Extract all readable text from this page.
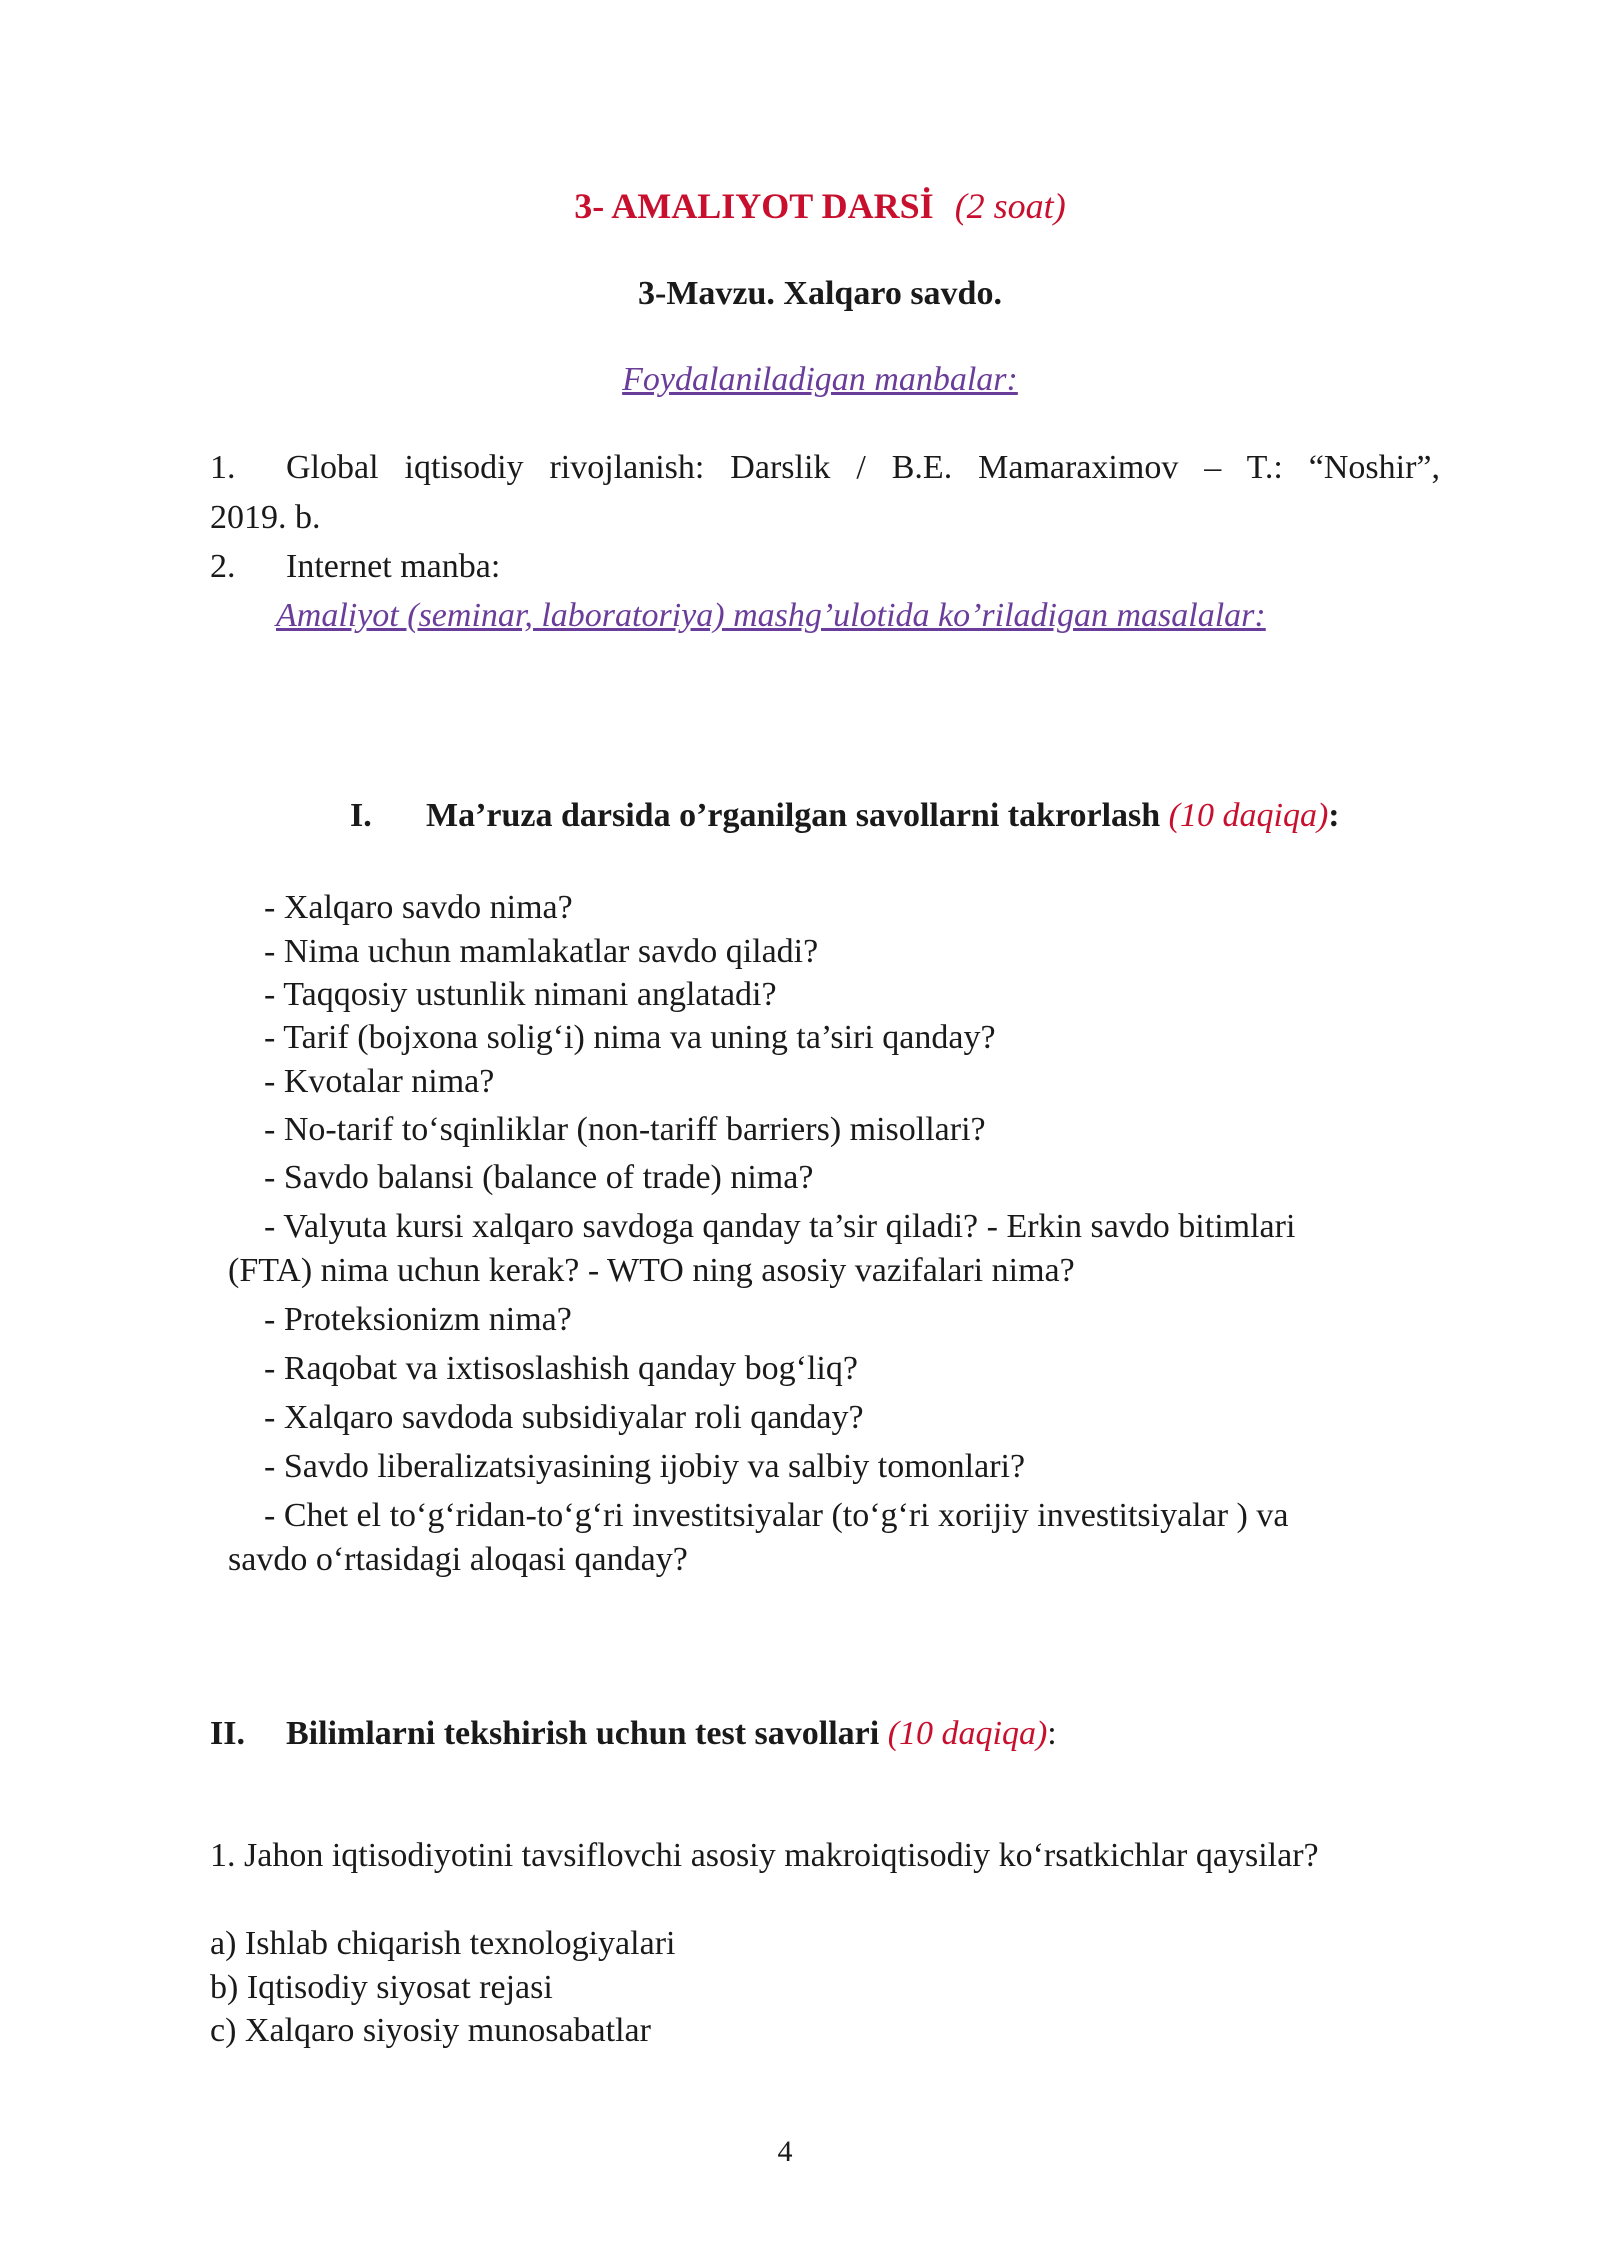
3- AMALIYOT DARSİ (2 soat)
3-Mavzu. Xalqaro savdo.
Foydalaniladigan manbalar:
1. Global iqtisodiy rivojlanish: Darslik / B.E. Mamaraximov – T.: “Noshir”,
2019. b.
2. Internet manba:
Amaliyot (seminar, laboratoriya) mashg’ulotida ko’riladigan masalalar:
I. Ma’ruza darsida o’rganilgan savollarni takrorlash (10 daqiqa):
- Xalqaro savdo nima?
- Nima uchun mamlakatlar savdo qiladi?
- Taqqosiy ustunlik nimani anglatadi?
- Tarif (bojxona solig‘i) nima va uning ta’siri qanday?
- Kvotalar nima?
- No-tarif to‘sqinliklar (non-tariff barriers) misollari?
- Savdo balansi (balance of trade) nima?
- Valyuta kursi xalqaro savdoga qanday ta’sir qiladi? - Erkin savdo bitimlari
(FTA) nima uchun kerak? - WTO ning asosiy vazifalari nima?
- Proteksionizm nima?
- Raqobat va ixtisoslashish qanday bog‘liq?
- Xalqaro savdoda subsidiyalar roli qanday?
- Savdo liberalizatsiyasining ijobiy va salbiy tomonlari?
- Chet el to‘g‘ridan-to‘g‘ri investitsiyalar (to‘g‘ri xorijiy investitsiyalar ) va
savdo o‘rtasidagi aloqasi qanday?
II. Bilimlarni tekshirish uchun test savollari (10 daqiqa):
1. Jahon iqtisodiyotini tavsiflovchi asosiy makroiqtisodiy ko‘rsatkichlar qaysilar?
a) Ishlab chiqarish texnologiyalari
b) Iqtisodiy siyosat rejasi
c) Xalqaro siyosiy munosabatlar
4
